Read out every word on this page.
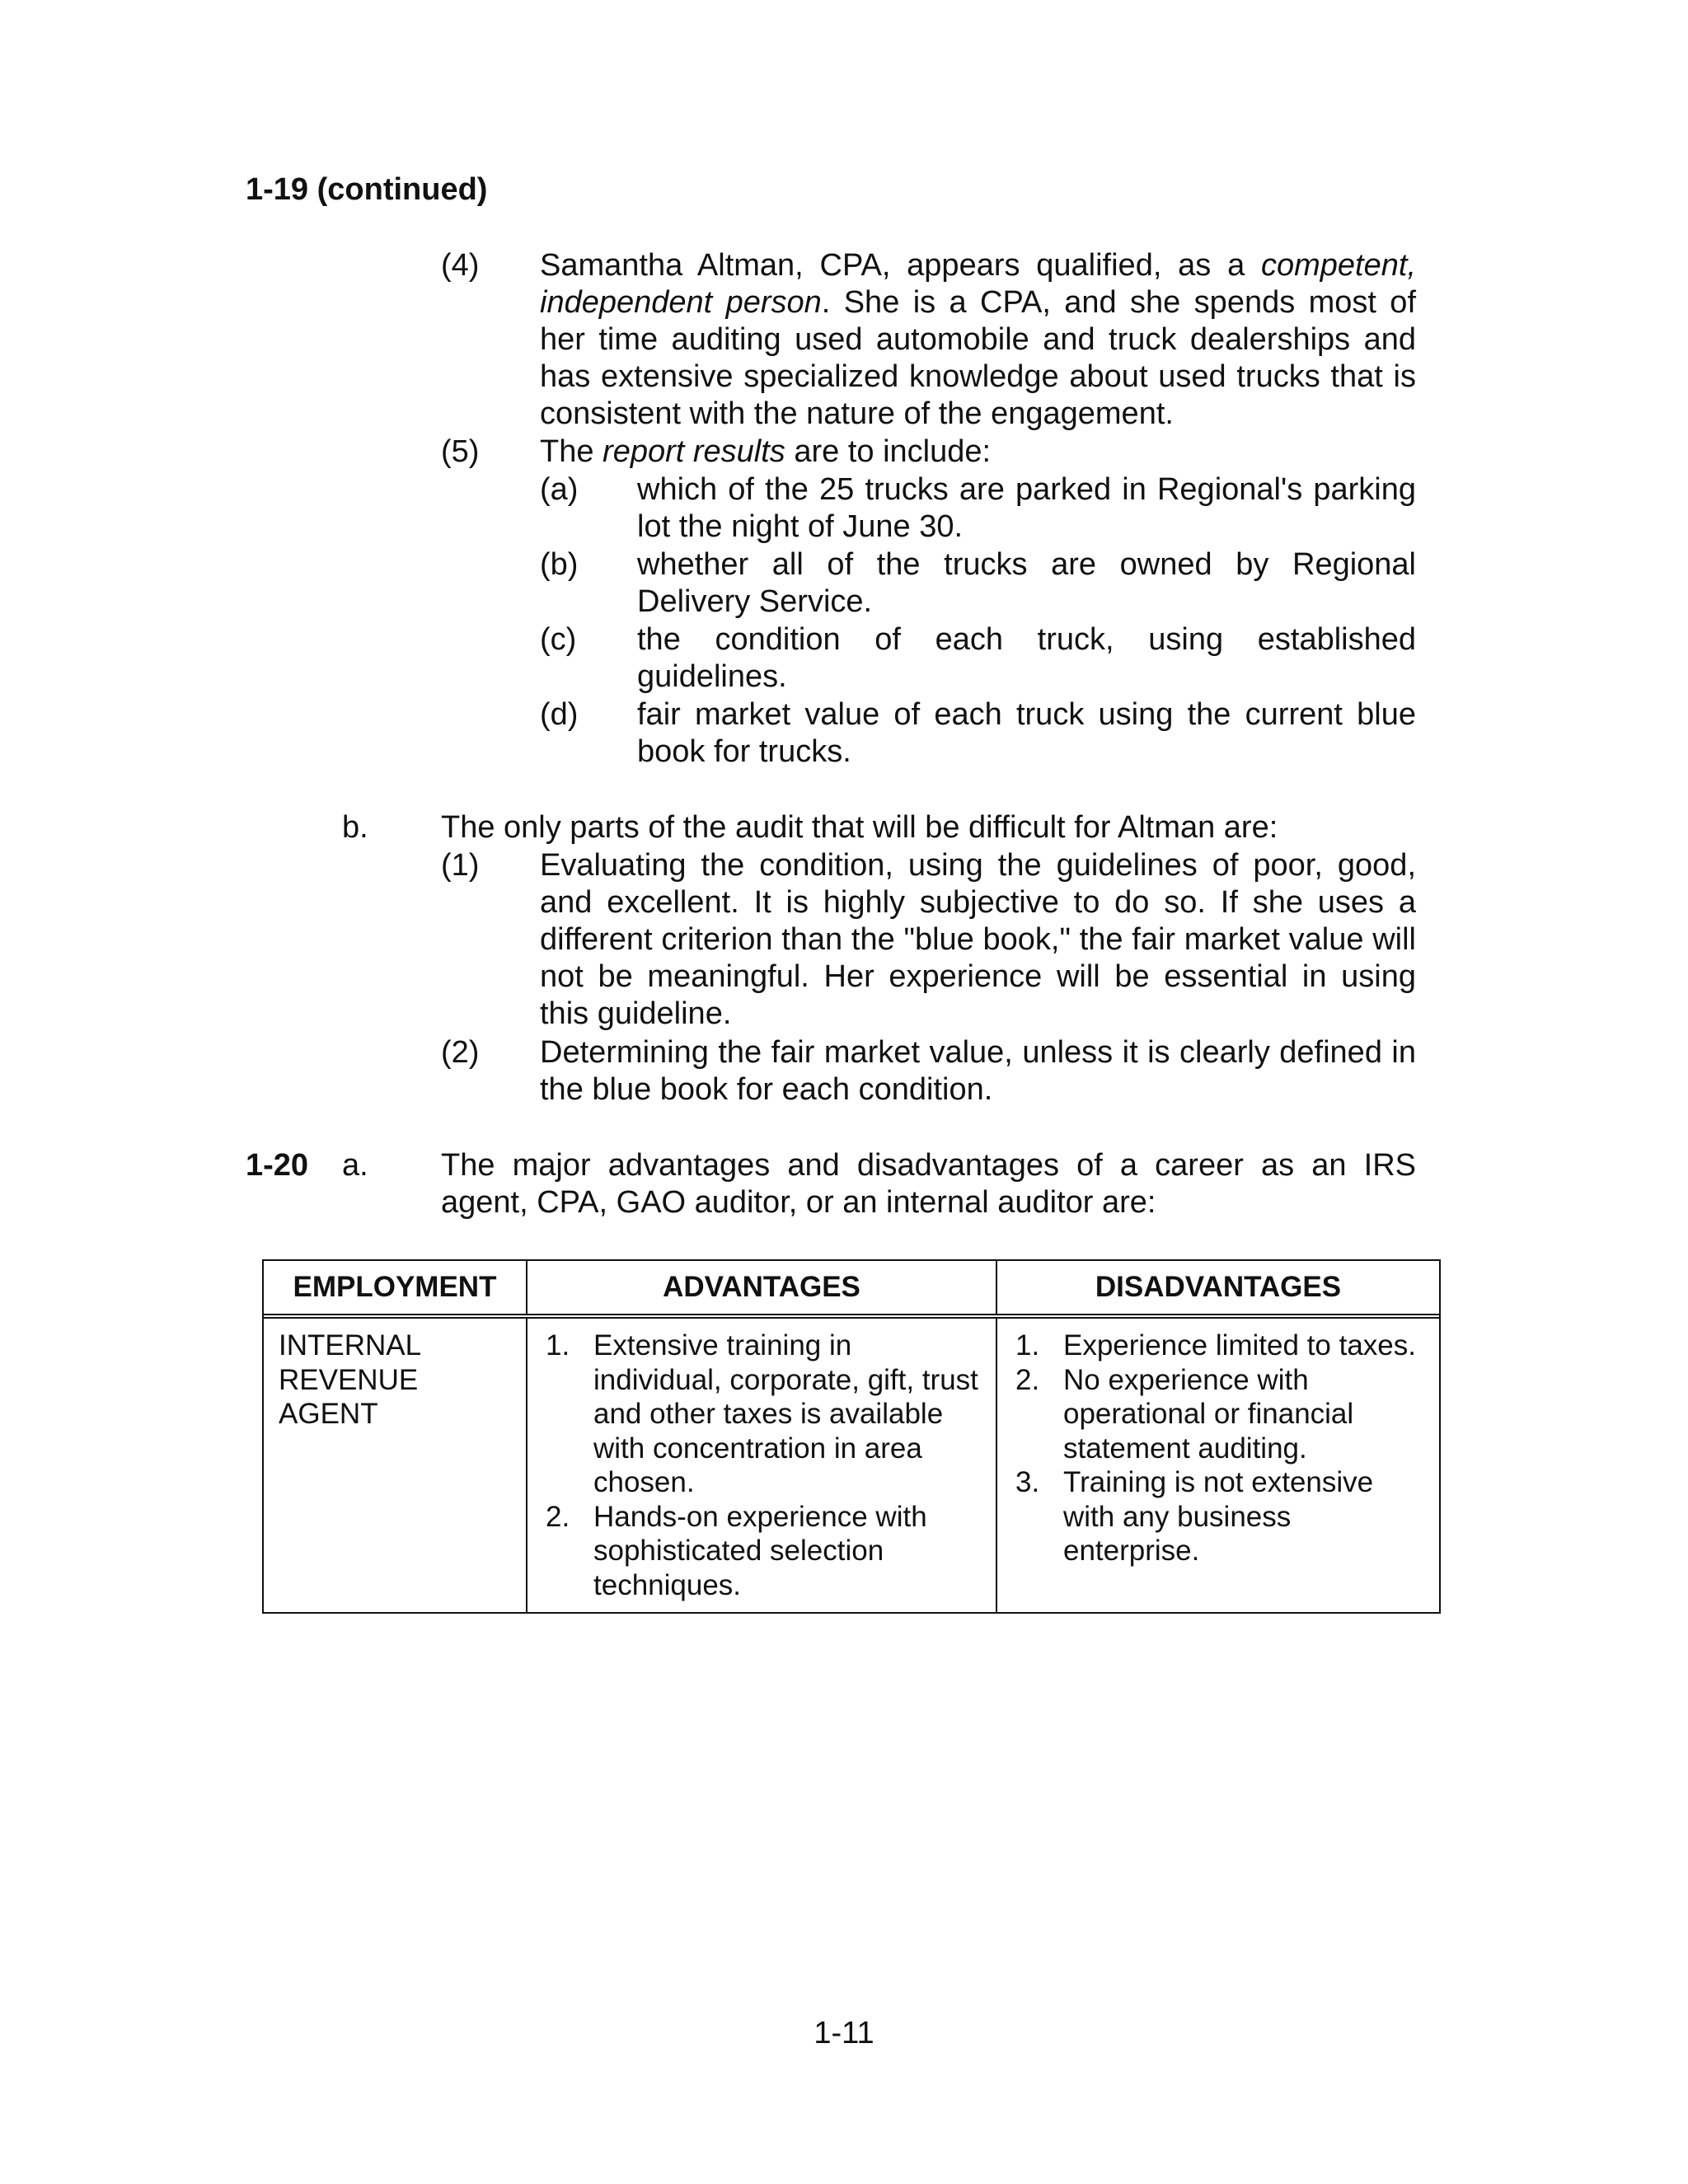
1-19 (continued)
(4) Samantha Altman, CPA, appears qualified, as a competent, independent person. She is a CPA, and she spends most of her time auditing used automobile and truck dealerships and has extensive specialized knowledge about used trucks that is consistent with the nature of the engagement.
(5) The report results are to include:
(a) which of the 25 trucks are parked in Regional's parking lot the night of June 30.
(b) whether all of the trucks are owned by Regional Delivery Service.
(c) the condition of each truck, using established guidelines.
(d) fair market value of each truck using the current blue book for trucks.
b. The only parts of the audit that will be difficult for Altman are:
(1) Evaluating the condition, using the guidelines of poor, good, and excellent. It is highly subjective to do so. If she uses a different criterion than the "blue book," the fair market value will not be meaningful. Her experience will be essential in using this guideline.
(2) Determining the fair market value, unless it is clearly defined in the blue book for each condition.
1-20 a. The major advantages and disadvantages of a career as an IRS agent, CPA, GAO auditor, or an internal auditor are:
EMPLOYMENT	ADVANTAGES	DISADVANTAGES
INTERNAL
REVENUE
AGENT
1. Extensive training in individual, corporate, gift, trust and other taxes is available with concentration in area chosen.
2. Hands-on experience with sophisticated selection techniques.
1. Experience limited to taxes.
2. No experience with operational or financial statement auditing.
3. Training is not extensive with any business enterprise.
1-11
